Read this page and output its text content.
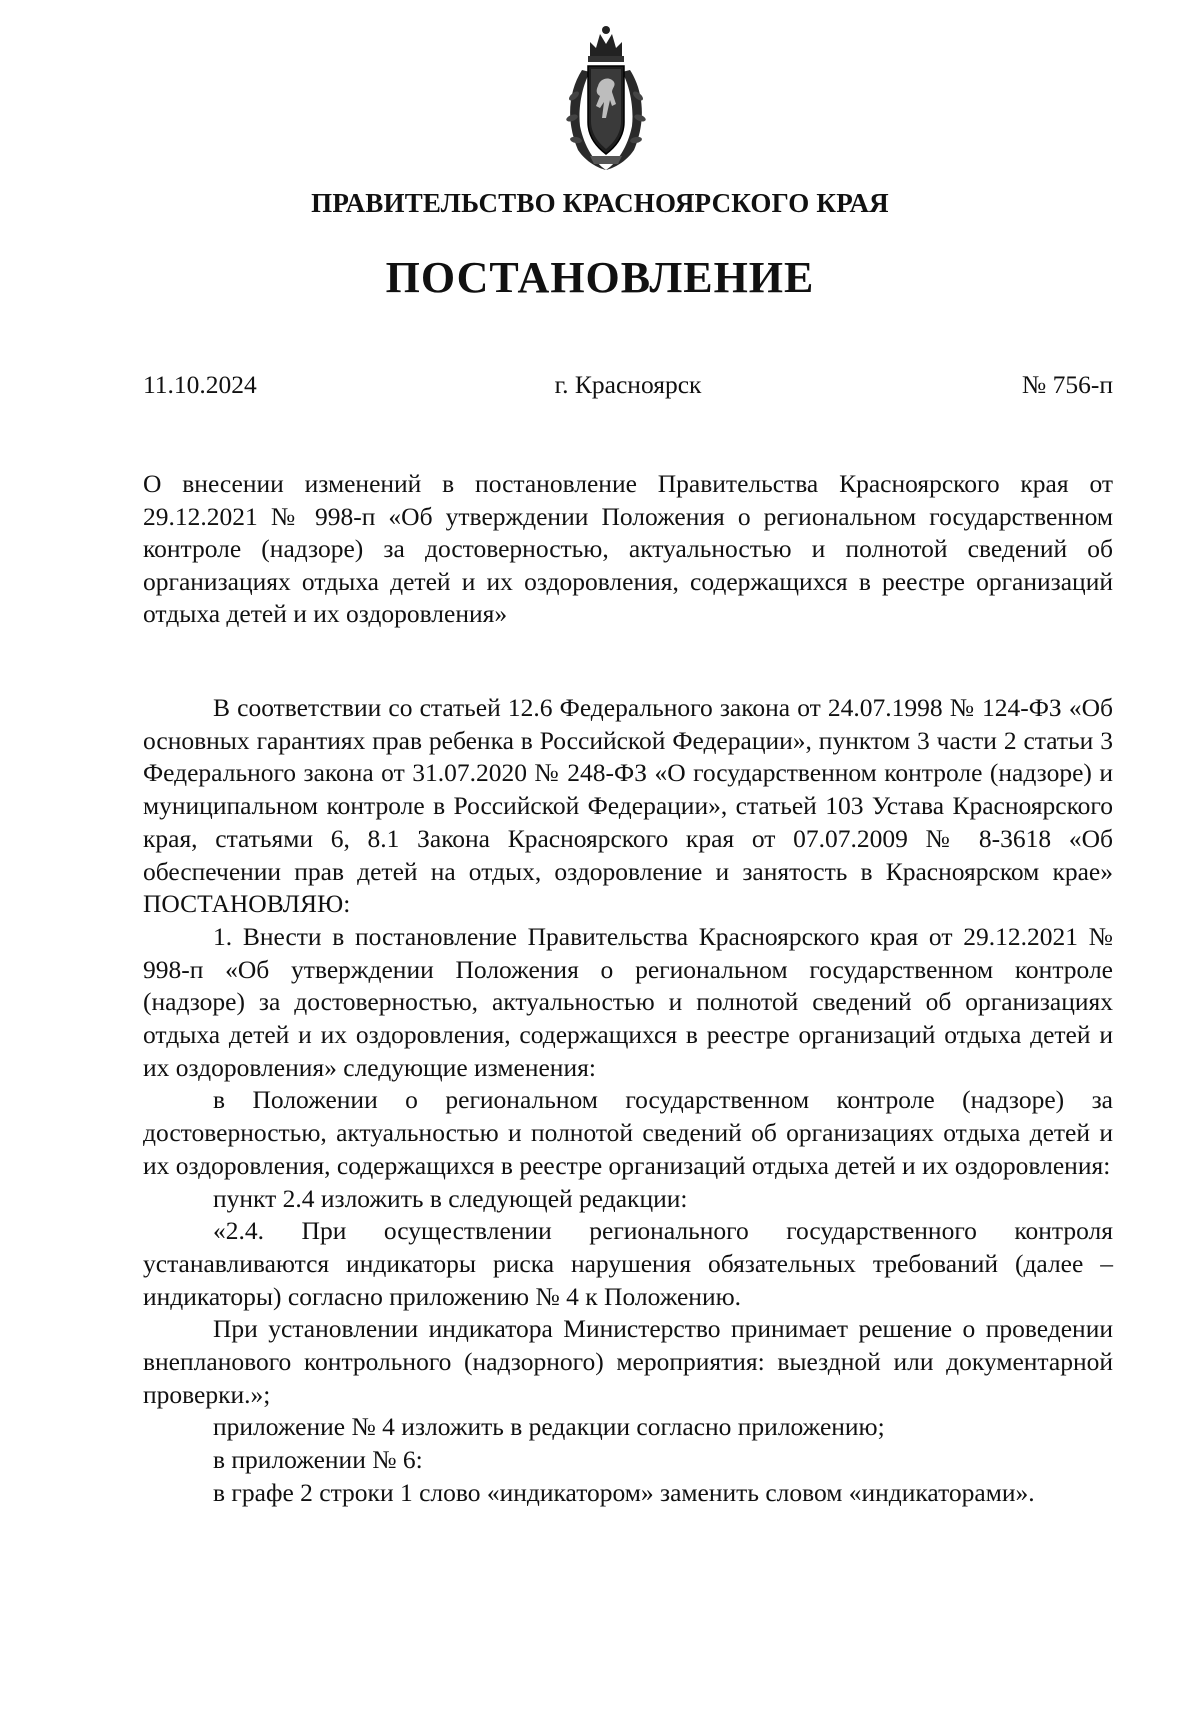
ПРАВИТЕЛЬСТВО КРАСНОЯРСКОГО КРАЯ
ПОСТАНОВЛЕНИЕ
11.10.2024	г. Красноярск	№ 756-п

О внесении изменений в постановление Правительства Красноярского края от 29.12.2021 № 998-п «Об утверждении Положения о региональном государственном контроле (надзоре) за достоверностью, актуальностью и полнотой сведений об организациях отдыха детей и их оздоровления, содержащихся в реестре организаций отдыха детей и их оздоровления»

В соответствии со статьей 12.6 Федерального закона от 24.07.1998 № 124-ФЗ «Об основных гарантиях прав ребенка в Российской Федерации», пунктом 3 части 2 статьи 3 Федерального закона от 31.07.2020 № 248-ФЗ «О государственном контроле (надзоре) и муниципальном контроле в Российской Федерации», статьей 103 Устава Красноярского края, статьями 6, 8.1 Закона Красноярского края от 07.07.2009 № 8-3618 «Об обеспечении прав детей на отдых, оздоровление и занятость в Красноярском крае» ПОСТАНОВЛЯЮ:

1. Внести в постановление Правительства Красноярского края от 29.12.2021 № 998-п «Об утверждении Положения о региональном государственном контроле (надзоре) за достоверностью, актуальностью и полнотой сведений об организациях отдыха детей и их оздоровления, содержащихся в реестре организаций отдыха детей и их оздоровления» следующие изменения:

в Положении о региональном государственном контроле (надзоре) за достоверностью, актуальностью и полнотой сведений об организациях отдыха детей и их оздоровления, содержащихся в реестре организаций отдыха детей и их оздоровления:

пункт 2.4 изложить в следующей редакции:

«2.4. При осуществлении регионального государственного контроля устанавливаются индикаторы риска нарушения обязательных требований (далее – индикаторы) согласно приложению № 4 к Положению.

При установлении индикатора Министерство принимает решение о проведении внепланового контрольного (надзорного) мероприятия: выездной или документарной проверки.»;

приложение № 4 изложить в редакции согласно приложению;

в приложении № 6:

в графе 2 строки 1 слово «индикатором» заменить словом «индикаторами».
